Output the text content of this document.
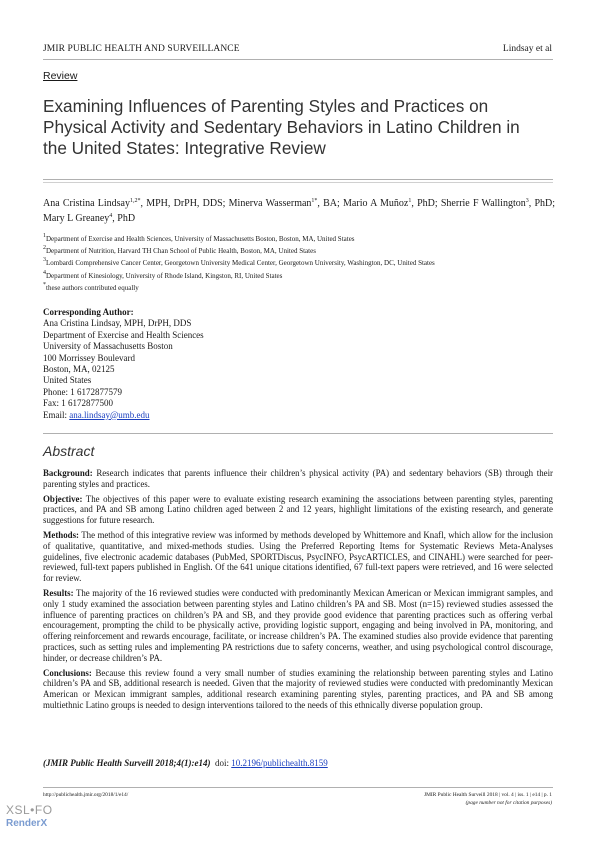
JMIR PUBLIC HEALTH AND SURVEILLANCE	Lindsay et al
Review
Examining Influences of Parenting Styles and Practices on Physical Activity and Sedentary Behaviors in Latino Children in the United States: Integrative Review
Ana Cristina Lindsay$^{1,2*}$, MPH, DrPH, DDS; Minerva Wasserman$^{1*}$, BA; Mario A Muñoz$^1$, PhD; Sherrie F Wallington$^3$, PhD; Mary L Greaney$^4$, PhD
$^1$Department of Exercise and Health Sciences, University of Massachusetts Boston, Boston, MA, United States
$^2$Department of Nutrition, Harvard TH Chan School of Public Health, Boston, MA, United States
$^3$Lombardi Comprehensive Cancer Center, Georgetown University Medical Center, Georgetown University, Washington, DC, United States
$^4$Department of Kinesiology, University of Rhode Island, Kingston, RI, United States
*these authors contributed equally
Corresponding Author:
Ana Cristina Lindsay, MPH, DrPH, DDS
Department of Exercise and Health Sciences
University of Massachusetts Boston
100 Morrissey Boulevard
Boston, MA, 02125
United States
Phone: 1 6172877579
Fax: 1 6172877500
Email: ana.lindsay@umb.edu
Abstract

Background: Research indicates that parents influence their children’s physical activity (PA) and sedentary behaviors (SB) through their parenting styles and practices.

Objective: The objectives of this paper were to evaluate existing research examining the associations between parenting styles, parenting practices, and PA and SB among Latino children aged between 2 and 12 years, highlight limitations of the existing research, and generate suggestions for future research.

Methods: The method of this integrative review was informed by methods developed by Whittemore and Knafl, which allow for the inclusion of qualitative, quantitative, and mixed-methods studies. Using the Preferred Reporting Items for Systematic Reviews Meta-Analyses guidelines, five electronic academic databases (PubMed, SPORTDiscus, PsycINFO, PsycARTICLES, and CINAHL) were searched for peer-reviewed, full-text papers published in English. Of the 641 unique citations identified, 67 full-text papers were retrieved, and 16 were selected for review.

Results: The majority of the 16 reviewed studies were conducted with predominantly Mexican American or Mexican immigrant samples, and only 1 study examined the association between parenting styles and Latino children’s PA and SB. Most (n=15) reviewed studies assessed the influence of parenting practices on children’s PA and SB, and they provide good evidence that parenting practices such as offering verbal encouragement, prompting the child to be physically active, providing logistic support, engaging and being involved in PA, monitoring, and offering reinforcement and rewards encourage, facilitate, or increase children’s PA. The examined studies also provide evidence that parenting practices, such as setting rules and implementing PA restrictions due to safety concerns, weather, and using psychological control discourage, hinder, or decrease children’s PA.

Conclusions: Because this review found a very small number of studies examining the relationship between parenting styles and Latino children’s PA and SB, additional research is needed. Given that the majority of reviewed studies were conducted with predominantly Mexican American or Mexican immigrant samples, additional research examining parenting styles, parenting practices, and PA and SB among multiethnic Latino groups is needed to design interventions tailored to the needs of this ethnically diverse population group.

(JMIR Public Health Surveill 2018;4(1):e14) doi: 10.2196/publichealth.8159
http://publichealth.jmir.org/2018/1/e14/	JMIR Public Health Surveill 2018 | vol. 4 | iss. 1 | e14 | p. 1
(page number not for citation purposes)
XSL•FO
RenderX
